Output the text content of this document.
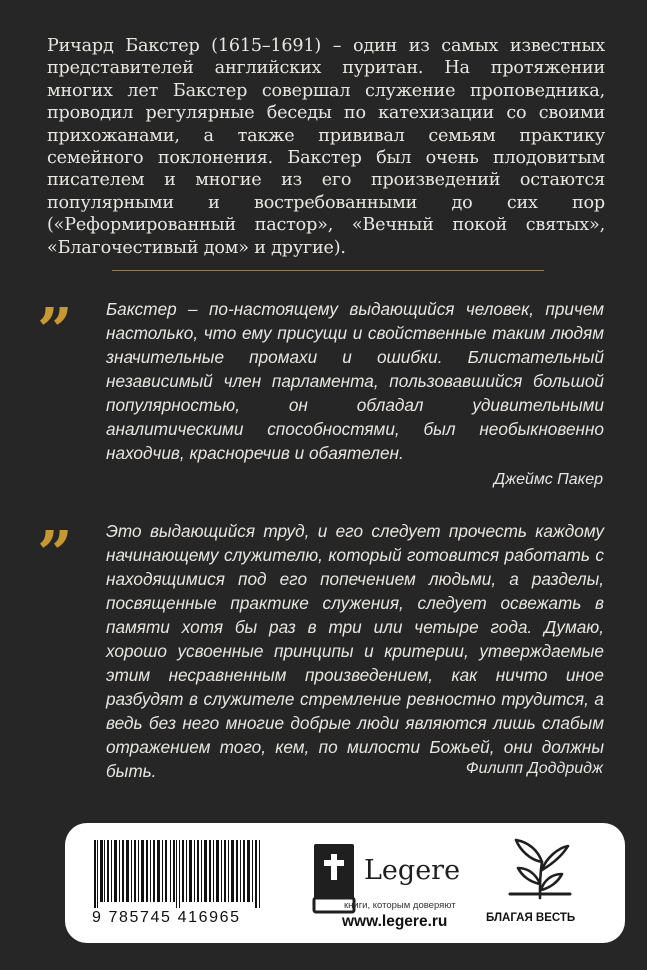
Ричард Бакстер (1615–1691) – один из самых известных представителей английских пуритан. На протяжении многих лет Бакстер совершал служение проповедника, проводил регулярные беседы по катехизации со своими прихожанами, а также прививал семьям практику семейного поклонения. Бакстер был очень плодовитым писателем и многие из его произведений остаются популярными и востребованными до сих пор («Реформированный пастор», «Вечный покой святых», «Благочестивый дом» и другие).
” Бакстер – по-настоящему выдающийся человек, причем настолько, что ему присущи и свойственные таким людям значительные промахи и ошибки. Блистательный независимый член парламента, пользовавшийся большой популярностью, он обладал удивительными аналитическими способностями, был необыкновенно находчив, красноречив и обаятелен.
Джеймс Пакер
” Это выдающийся труд, и его следует прочесть каждому начинающему служителю, который готовится работать с находящимися под его попечением людьми, а разделы, посвященные практике служения, следует освежать в памяти хотя бы раз в три или четыре года. Думаю, хорошо усвоенные принципы и критерии, утверждаемые этим несравненным произведением, как ничто иное разбудят в служителе стремление ревностно трудится, а ведь без него многие добрые люди являются лишь слабым отражением того, кем, по милости Божьей, они должны быть.	Филипп Доддридж
9 785745 416965
Legere
книги, которым доверяют
www.legere.ru	БЛАГАЯ ВЕСТЬ
